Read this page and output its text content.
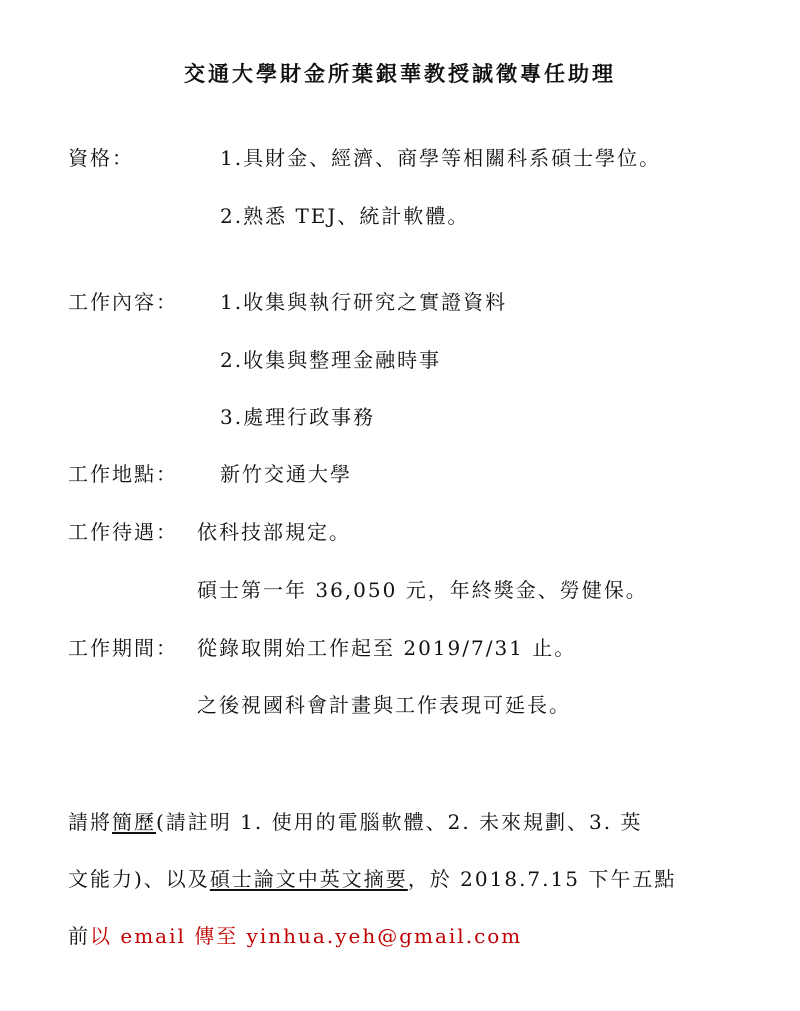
交通大學財金所葉銀華教授誠徵專任助理
資格：	1.具財金、經濟、商學等相關科系碩士學位。
2.熟悉 TEJ、統計軟體。
工作內容： 1.收集與執行研究之實證資料
2.收集與整理金融時事
3.處理行政事務
工作地點： 新竹交通大學
工作待遇： 依科技部規定。
碩士第一年 36,050 元，年終獎金、勞健保。
工作期間： 從錄取開始工作起至 2019/7/31 止。
之後視國科會計畫與工作表現可延長。
請將簡歷(請註明 1. 使用的電腦軟體、2. 未來規劃、3. 英
文能力)、以及碩士論文中英文摘要，於 2018.7.15 下午五點
前以 email 傳至 yinhua.yeh@gmail.com
